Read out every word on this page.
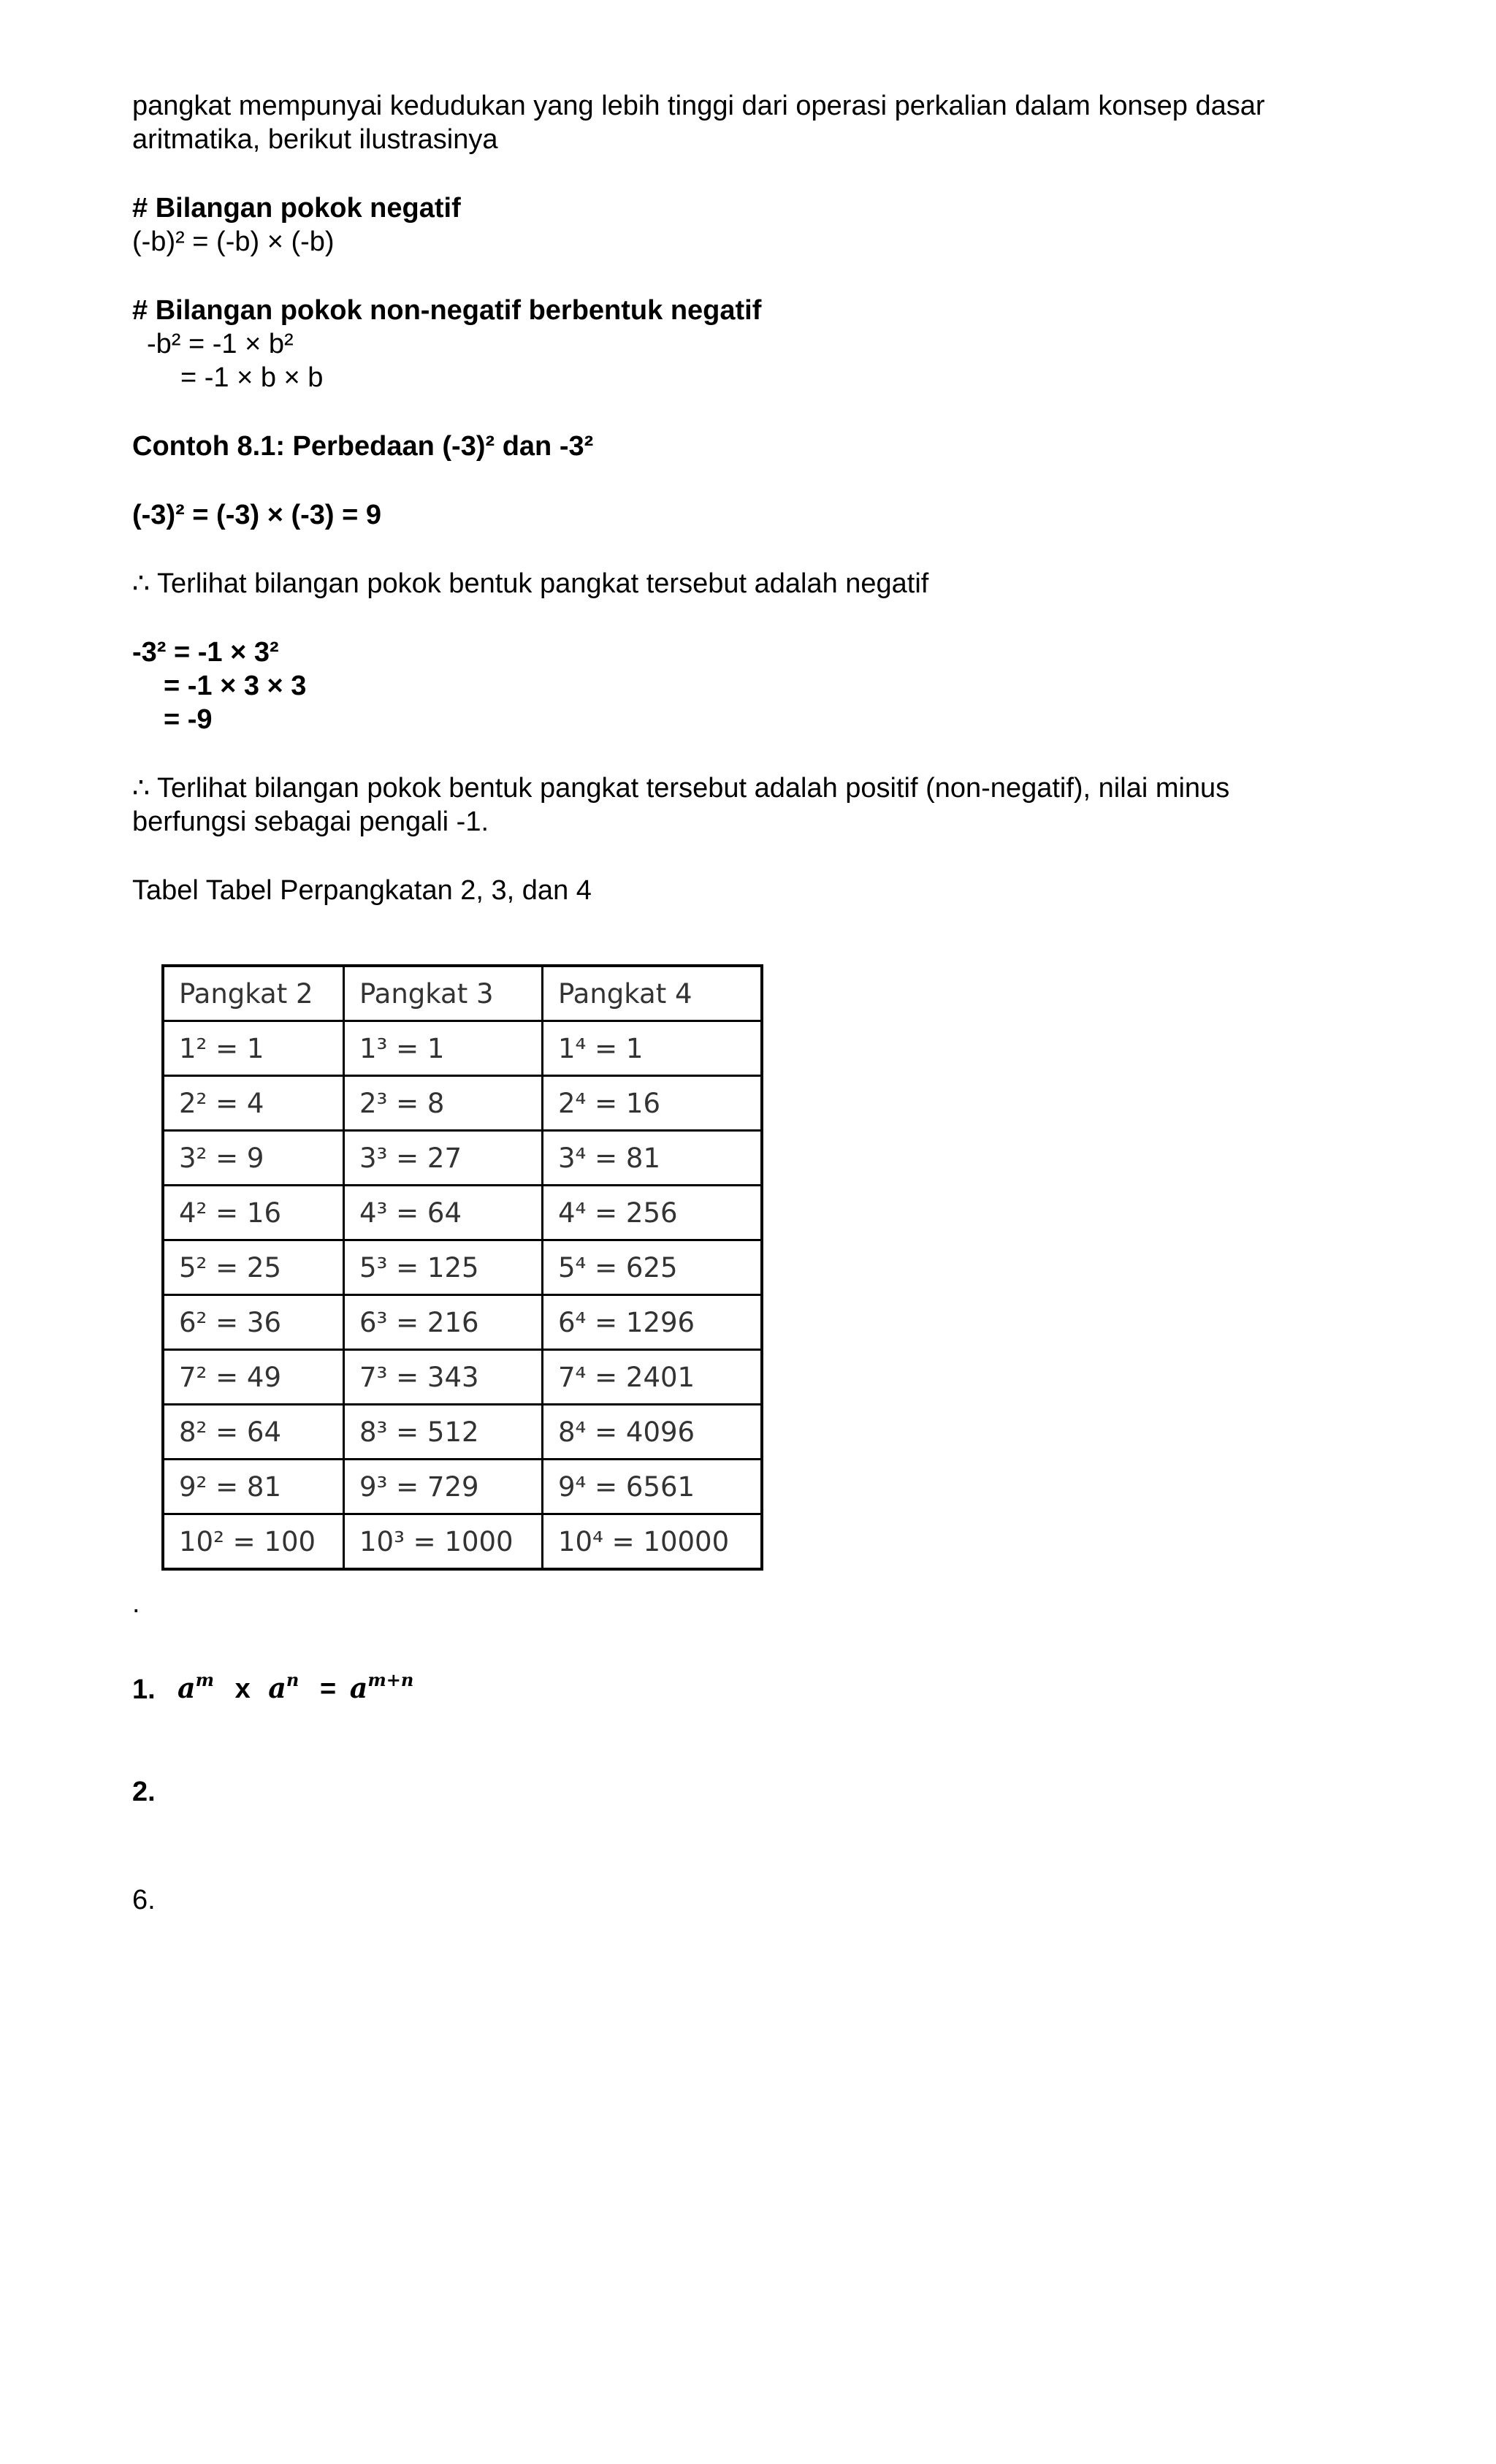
pangkat mempunyai kedudukan yang lebih tinggi dari operasi perkalian dalam konsep dasar
aritmatika, berikut ilustrasinya
# Bilangan pokok negatif
(-b)² = (-b) × (-b)
# Bilangan pokok non-negatif berbentuk negatif
-b² = -1 × b²
= -1 × b × b
Contoh 8.1: Perbedaan (-3)² dan -3²
(-3)² = (-3) × (-3) = 9
∴ Terlihat bilangan pokok bentuk pangkat tersebut adalah negatif
-3² = -1 × 3²
= -1 × 3 × 3
= -9
∴ Terlihat bilangan pokok bentuk pangkat tersebut adalah positif (non-negatif), nilai minus
berfungsi sebagai pengali -1.
Tabel Tabel Perpangkatan 2, 3, dan 4
Pangkat 2	Pangkat 3	Pangkat 4
1² = 1	1³ = 1	1⁴ = 1
2² = 4	2³ = 8	2⁴ = 16
3² = 9	3³ = 27	3⁴ = 81
4² = 16	4³ = 64	4⁴ = 256
5² = 25	5³ = 125	5⁴ = 625
6² = 36	6³ = 216	6⁴ = 1296
7² = 49	7³ = 343	7⁴ = 2401
8² = 64	8³ = 512	8⁴ = 4096
9² = 81	9³ = 729	9⁴ = 6561
10² = 100	10³ = 1000	10⁴ = 10000
.
1. $a^m$ x $a^n = a^{m+n}$
2.
6.
